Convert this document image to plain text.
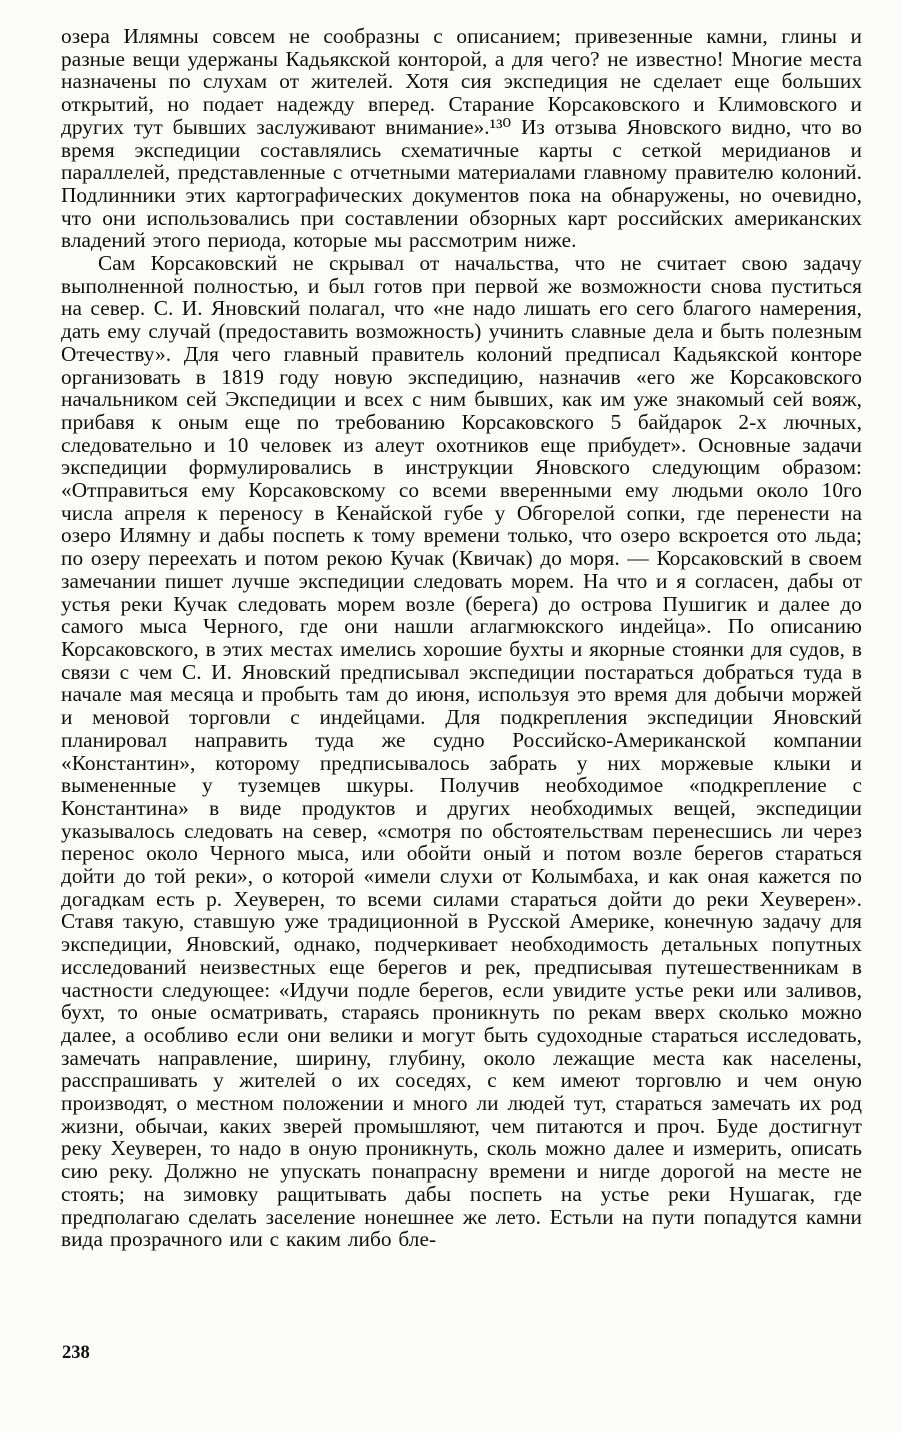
озера Илямны совсем не сообразны с описанием; привезенные камни, глины и разные вещи удержаны Кадьякской конторой, а для чего? не известно! Многие места назначены по слухам от жителей. Хотя сия экспедиция не сделает еще больших открытий, но подает надежду вперед. Старание Корсаковского и Климовского и других тут бывших заслуживают внимание».¹³⁰ Из отзыва Яновского видно, что во время экспедиции составлялись схематичные карты с сеткой меридианов и параллелей, представленные с отчетными материалами главному правителю колоний. Подлинники этих картографических документов пока на обнаружены, но очевидно, что они использовались при составлении обзорных карт российских американских владений этого периода, которые мы рассмотрим ниже.

Сам Корсаковский не скрывал от начальства, что не считает свою задачу выполненной полностью, и был готов при первой же возможности снова пуститься на север. С. И. Яновский полагал, что «не надо лишать его сего благого намерения, дать ему случай (предоставить возможность) учинить славные дела и быть полезным Отечеству». Для чего главный правитель колоний предписал Кадьякской конторе организовать в 1819 году новую экспедицию, назначив «его же Корсаковского начальником сей Экспедиции и всех с ним бывших, как им уже знакомый сей вояж, прибавя к оным еще по требованию Корсаковского 5 байдарок 2-х лючных, следовательно и 10 человек из алеут охотников еще прибудет». Основные задачи экспедиции формулировались в инструкции Яновского следующим образом: «Отправиться ему Корсаковскому со всеми вверенными ему людьми около 10го числа апреля к переносу в Кенайской губе у Обгорелой сопки, где перенести на озеро Илямну и дабы поспеть к тому времени только, что озеро вскроется ото льда; по озеру переехать и потом рекою Кучак (Квичак) до моря. — Корсаковский в своем замечании пишет лучше экспедиции следовать морем. На что и я согласен, дабы от устья реки Кучак следовать морем возле (берега) до острова Пушигик и далее до самого мыса Черного, где они нашли аглагмюкского индейца». По описанию Корсаковского, в этих местах имелись хорошие бухты и якорные стоянки для судов, в связи с чем С. И. Яновский предписывал экспедиции постараться добраться туда в начале мая месяца и пробыть там до июня, используя это время для добычи моржей и меновой торговли с индейцами. Для подкрепления экспедиции Яновский планировал направить туда же судно Российско-Американской компании «Константин», которому предписывалось забрать у них моржевые клыки и вымененные у туземцев шкуры. Получив необходимое «подкрепление с Константина» в виде продуктов и других необходимых вещей, экспедиции указывалось следовать на север, «смотря по обстоятельствам перенесшись ли через перенос около Черного мыса, или обойти оный и потом возле берегов стараться дойти до той реки», о которой «имели слухи от Колымбаха, и как оная кажется по догадкам есть р. Хеуверен, то всеми силами стараться дойти до реки Хеуверен». Ставя такую, ставшую уже традиционной в Русской Америке, конечную задачу для экспедиции, Яновский, однако, подчеркивает необходимость детальных попутных исследований неизвестных еще берегов и рек, предписывая путешественникам в частности следующее: «Идучи подле берегов, если увидите устье реки или заливов, бухт, то оные осматривать, стараясь проникнуть по рекам вверх сколько можно далее, а особливо если они велики и могут быть судоходные стараться исследовать, замечать направление, ширину, глубину, около лежащие места как населены, расспрашивать у жителей о их соседях, с кем имеют торговлю и чем оную производят, о местном положении и много ли людей тут, стараться замечать их род жизни, обычаи, каких зверей промышляют, чем питаются и проч. Буде достигнут реку Хеуверен, то надо в оную проникнуть, сколь можно далее и измерить, описать сию реку. Должно не упускать понапрасну времени и нигде дорогой на месте не стоять; на зимовку ращитывать дабы поспеть на устье реки Нушагак, где предполагаю сделать заселение нонешнее же лето. Естьли на пути попадутся камни вида прозрачного или с каким либо бле-

238
